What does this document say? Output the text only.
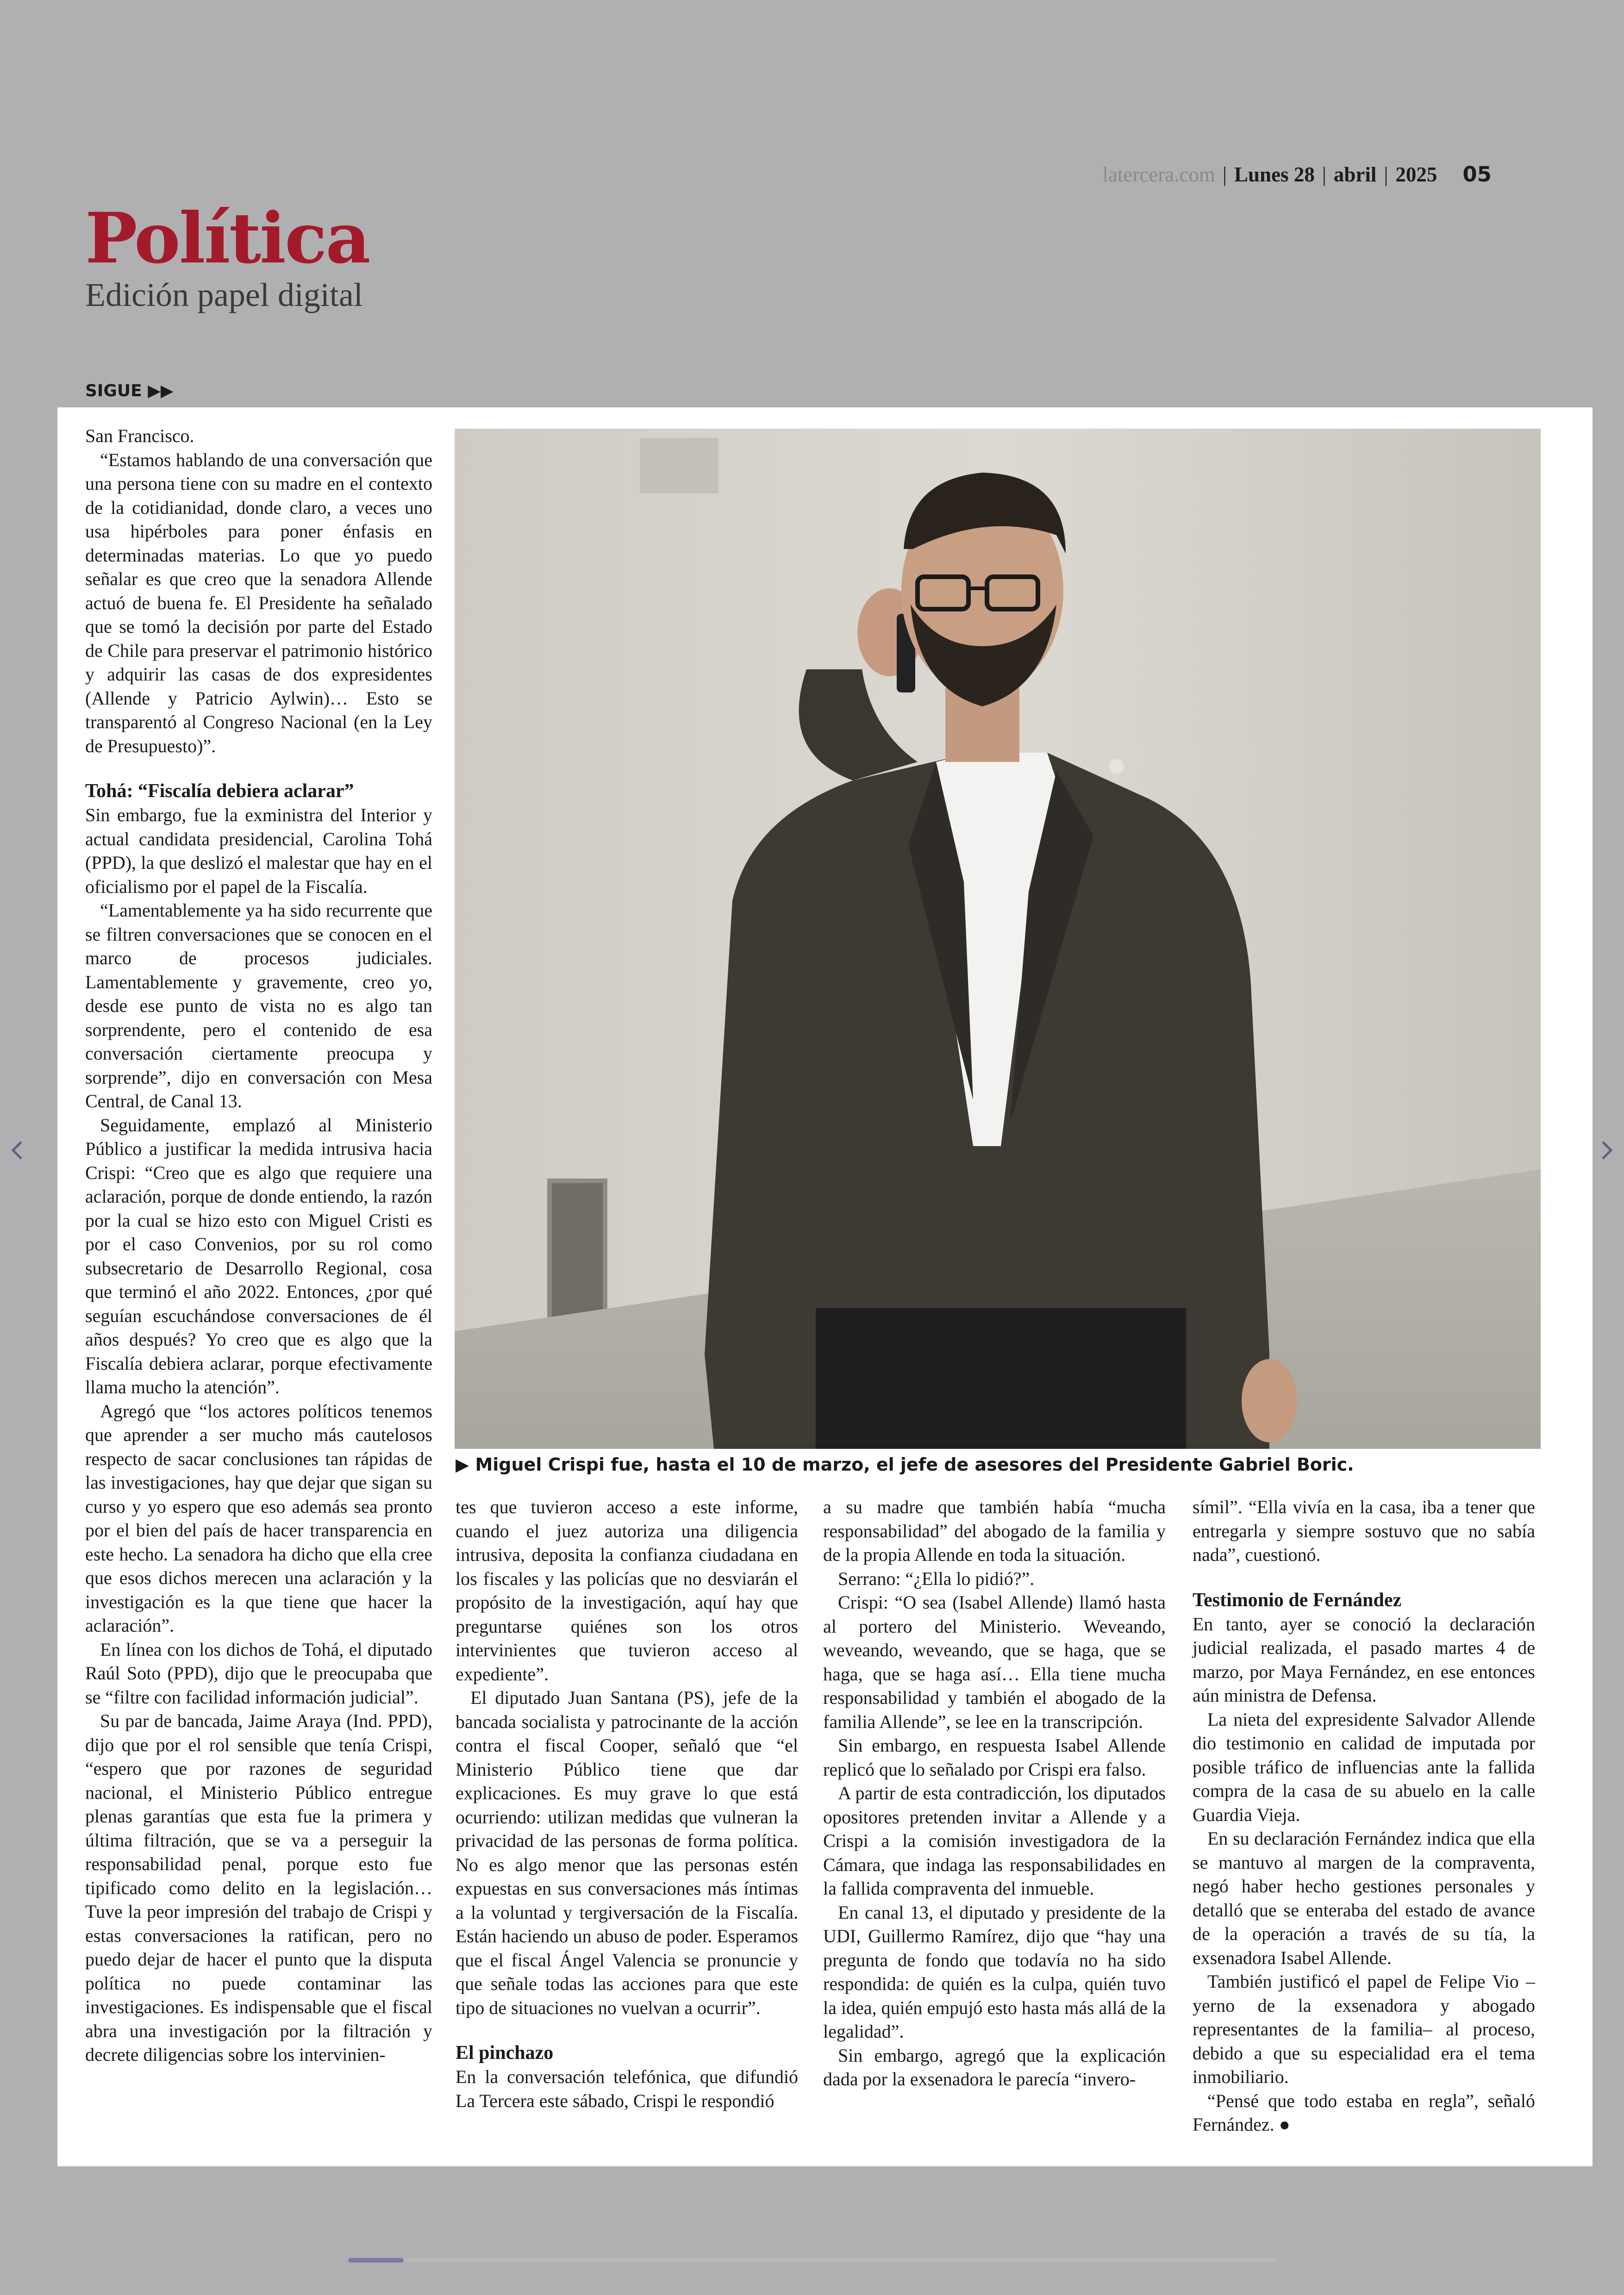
latercera.com | Lunes 28 | abril | 2025 05
Política
Edición papel digital
SIGUE ▶▶

San Francisco.

“Estamos hablando de una conversación que una persona tiene con su madre en el contexto de la cotidianidad, donde claro, a veces uno usa hipérboles para poner énfasis en determinadas materias. Lo que yo puedo señalar es que creo que la senadora Allende actuó de buena fe. El Presidente ha señalado que se tomó la decisión por parte del Estado de Chile para preservar el patrimonio histórico y adquirir las casas de dos expresidentes (Allende y Patricio Aylwin)… Esto se transparentó al Congreso Nacional (en la Ley de Presupuesto)”.

Tohá: “Fiscalía debiera aclarar”

Sin embargo, fue la exministra del Interior y actual candidata presidencial, Carolina Tohá (PPD), la que deslizó el malestar que hay en el oficialismo por el papel de la Fiscalía.

“Lamentablemente ya ha sido recurrente que se filtren conversaciones que se conocen en el marco de procesos judiciales. Lamentablemente y gravemente, creo yo, desde ese punto de vista no es algo tan sorprendente, pero el contenido de esa conversación ciertamente preocupa y sorprende”, dijo en conversación con Mesa Central, de Canal 13.

Seguidamente, emplazó al Ministerio Público a justificar la medida intrusiva hacia Crispi: “Creo que es algo que requiere una aclaración, porque de donde entiendo, la razón por la cual se hizo esto con Miguel Cristi es por el caso Convenios, por su rol como subsecretario de Desarrollo Regional, cosa que terminó el año 2022. Entonces, ¿por qué seguían escuchándose conversaciones de él años después? Yo creo que es algo que la Fiscalía debiera aclarar, porque efectivamente llama mucho la atención”.

Agregó que “los actores políticos tenemos que aprender a ser mucho más cautelosos respecto de sacar conclusiones tan rápidas de las investigaciones, hay que dejar que sigan su curso y yo espero que eso además sea pronto por el bien del país de hacer transparencia en este hecho. La senadora ha dicho que ella cree que esos dichos merecen una aclaración y la investigación es la que tiene que hacer la aclaración”.

En línea con los dichos de Tohá, el diputado Raúl Soto (PPD), dijo que le preocupaba que se “filtre con facilidad información judicial”.

Su par de bancada, Jaime Araya (Ind. PPD), dijo que por el rol sensible que tenía Crispi, “espero que por razones de seguridad nacional, el Ministerio Público entregue plenas garantías que esta fue la primera y última filtración, que se va a perseguir la responsabilidad penal, porque esto fue tipificado como delito en la legislación… Tuve la peor impresión del trabajo de Crispi y estas conversaciones la ratifican, pero no puedo dejar de hacer el punto que la disputa política no puede contaminar las investigaciones. Es indispensable que el fiscal abra una investigación por la filtración y decrete diligencias sobre los intervinien-

▶ Miguel Crispi fue, hasta el 10 de marzo, el jefe de asesores del Presidente Gabriel Boric.

tes que tuvieron acceso a este informe, cuando el juez autoriza una diligencia intrusiva, deposita la confianza ciudadana en los fiscales y las policías que no desviarán el propósito de la investigación, aquí hay que preguntarse quiénes son los otros intervinientes que tuvieron acceso al expediente”.

El diputado Juan Santana (PS), jefe de la bancada socialista y patrocinante de la acción contra el fiscal Cooper, señaló que “el Ministerio Público tiene que dar explicaciones. Es muy grave lo que está ocurriendo: utilizan medidas que vulneran la privacidad de las personas de forma política. No es algo menor que las personas estén expuestas en sus conversaciones más íntimas a la voluntad y tergiversación de la Fiscalía. Están haciendo un abuso de poder. Esperamos que el fiscal Ángel Valencia se pronuncie y que señale todas las acciones para que este tipo de situaciones no vuelvan a ocurrir”.

El pinchazo

En la conversación telefónica, que difundió La Tercera este sábado, Crispi le respondió

a su madre que también había “mucha responsabilidad” del abogado de la familia y de la propia Allende en toda la situación.

Serrano: “¿Ella lo pidió?”.

Crispi: “O sea (Isabel Allende) llamó hasta al portero del Ministerio. Weveando, weveando, weveando, que se haga, que se haga, que se haga así… Ella tiene mucha responsabilidad y también el abogado de la familia Allende”, se lee en la transcripción.

Sin embargo, en respuesta Isabel Allende replicó que lo señalado por Crispi era falso.

A partir de esta contradicción, los diputados opositores pretenden invitar a Allende y a Crispi a la comisión investigadora de la Cámara, que indaga las responsabilidades en la fallida compraventa del inmueble.

En canal 13, el diputado y presidente de la UDI, Guillermo Ramírez, dijo que “hay una pregunta de fondo que todavía no ha sido respondida: de quién es la culpa, quién tuvo la idea, quién empujó esto hasta más allá de la legalidad”.

Sin embargo, agregó que la explicación dada por la exsenadora le parecía “invero-

símil”. “Ella vivía en la casa, iba a tener que entregarla y siempre sostuvo que no sabía nada”, cuestionó.

Testimonio de Fernández

En tanto, ayer se conoció la declaración judicial realizada, el pasado martes 4 de marzo, por Maya Fernández, en ese entonces aún ministra de Defensa.

La nieta del expresidente Salvador Allende dio testimonio en calidad de imputada por posible tráfico de influencias ante la fallida compra de la casa de su abuelo en la calle Guardia Vieja.

En su declaración Fernández indica que ella se mantuvo al margen de la compraventa, negó haber hecho gestiones personales y detalló que se enteraba del estado de avance de la operación a través de su tía, la exsenadora Isabel Allende.

También justificó el papel de Felipe Vio – yerno de la exsenadora y abogado representantes de la familia– al proceso, debido a que su especialidad era el tema inmobiliario.

“Pensé que todo estaba en regla”, señaló Fernández. ●
